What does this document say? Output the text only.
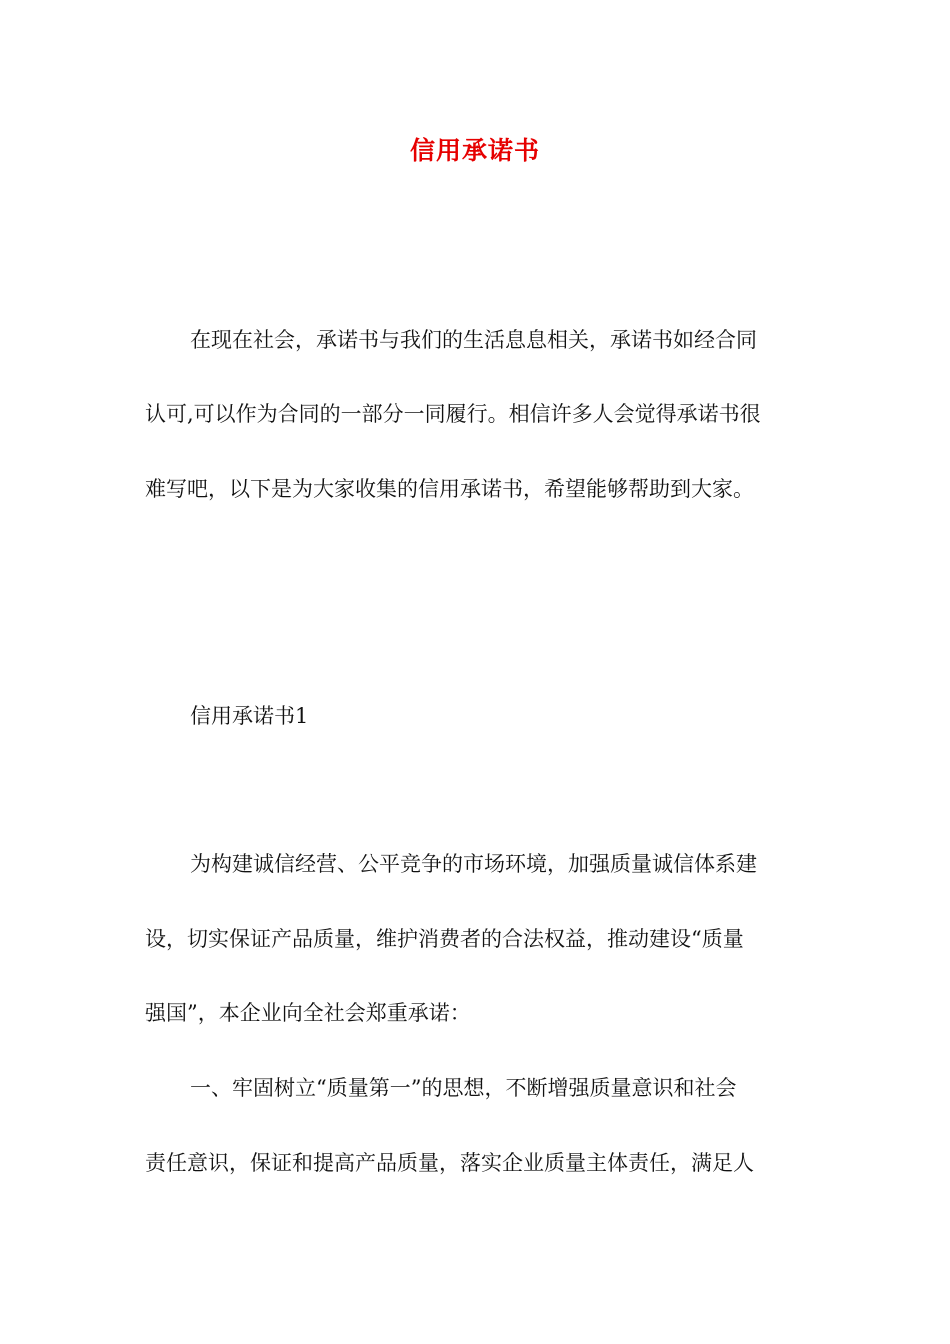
信用承诺书
在现在社会，承诺书与我们的生活息息相关，承诺书如经合同
认可,可以作为合同的一部分一同履行。相信许多人会觉得承诺书很
难写吧，以下是为大家收集的信用承诺书，希望能够帮助到大家。
信用承诺书1
为构建诚信经营、公平竞争的市场环境，加强质量诚信体系建
设，切实保证产品质量，维护消费者的合法权益，推动建设“质量
强国”，本企业向全社会郑重承诺：
一、牢固树立“质量第一”的思想，不断增强质量意识和社会
责任意识，保证和提高产品质量，落实企业质量主体责任，满足人
